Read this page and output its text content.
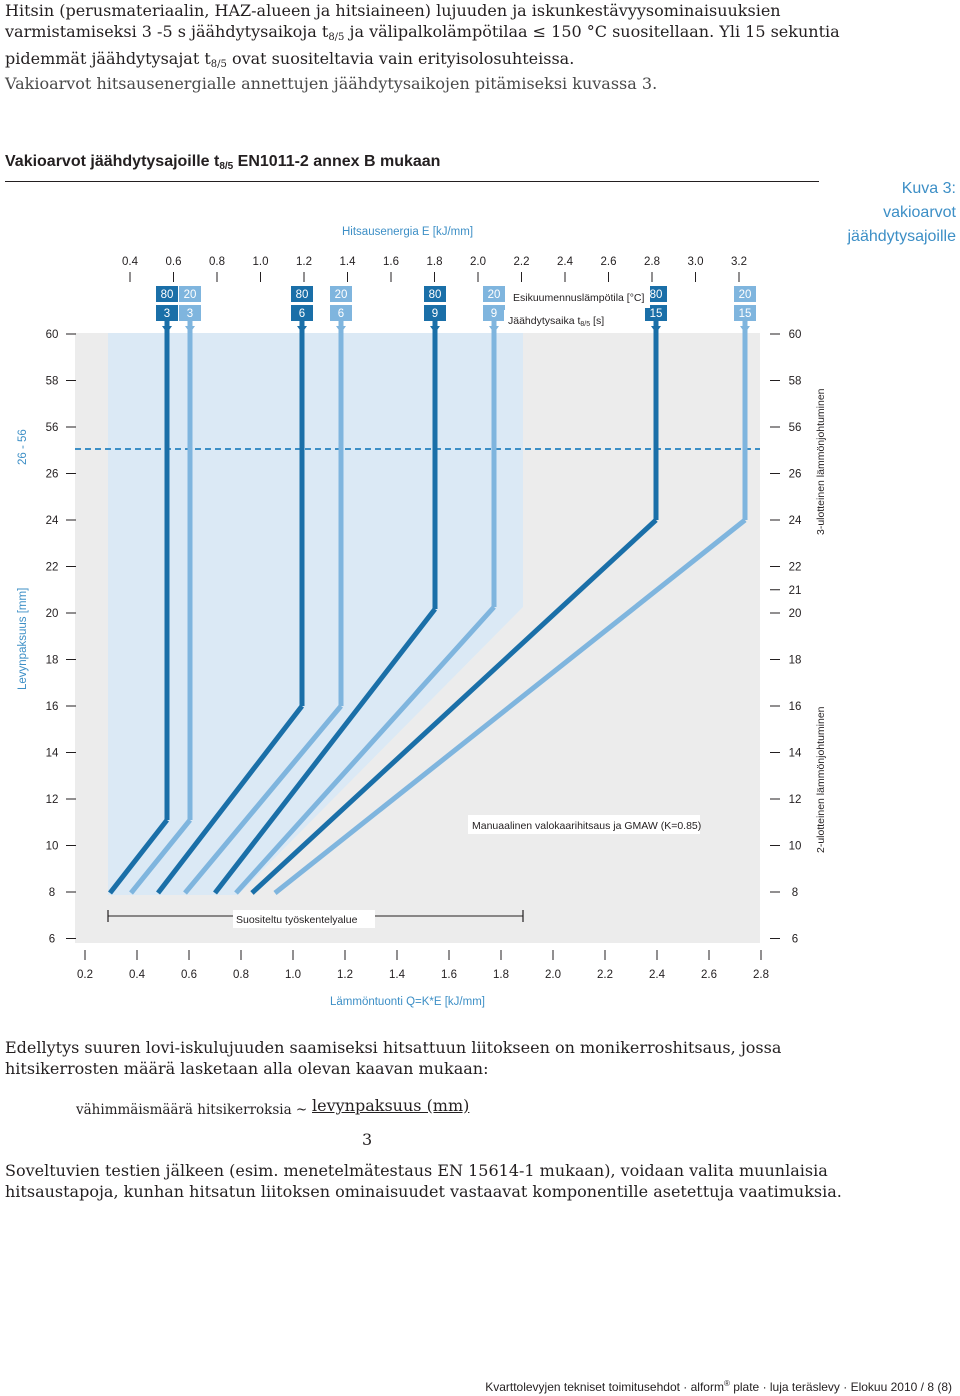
Hitsin (perusmateriaalin, HAZ-alueen ja hitsiaineen) lujuuden ja iskunkestävyysominaisuuksien
varmistamiseksi 3 -5 s jäähdytysaikoja $t_{8/5}$ ja välipalkolämpötilaa ≤ 150 °C suositellaan. Yli 15 sekuntia
pidemmät jäähdytysajat $t_{8/5}$ ovat suositeltavia vain erityisolosuhteissa.
Vakioarvot hitsausenergialle annettujen jäähdytysaikojen pitämiseksi kuvassa 3.
Vakioarvot jäähdytysajoille $t_{8/5}$ EN1011-2 annex B mukaan
Kuva 3:
vakioarvot
jäähdytysajoille
Hitsausenergia E [kJ/mm]
0.4 0.6 0.8 1.0 1.2 1.4 1.6 1.8 2.0 2.2 2.4 2.6 2.8 3.0 3.2
80
3
20
3
80
6
20
6
80
9
20
9
80
15
20
15
Esikuumennuslämpötila [°C]
Jäähdytysaika t8/5 [s]
60
58
56
26
24
22
20
18
16
14
12
10
8
6
60
58
56
26
24
22
21
20
18
16
14
12
10
8
6
26 - 56
Levynpaksuus [mm]
3-ulotteinen lämmönjohtuminen
2-ulotteinen lämmönjohtuminen
Manuaalinen valokaarihitsaus ja GMAW (K=0.85)
Suositeltu työskentelyalue
0.2	0.4	0.6	0.8	1.0	1.2	1.4	1.6	1.8	2.0	2.2	2.4	2.6	2.8
Lämmöntuonti Q=K*E [kJ/mm]
Edellytys suuren lovi-iskulujuuden saamiseksi hitsattuun liitokseen on monikerroshitsaus, jossa
hitsikerrosten määrä lasketaan alla olevan kaavan mukaan:
vähimmäismäärä hitsikerroksia ~ levynpaksuus (mm)
3
Soveltuvien testien jälkeen (esim. menetelmätestaus EN 15614-1 mukaan), voidaan valita muunlaisia
hitsaustapoja, kunhan hitsatun liitoksen ominaisuudet vastaavat komponentille asetettuja vaatimuksia.
Kvarttolevyjen tekniset toimitusehdot · alform® plate · luja teräslevy · Elokuu 2010 / 8 (8)
